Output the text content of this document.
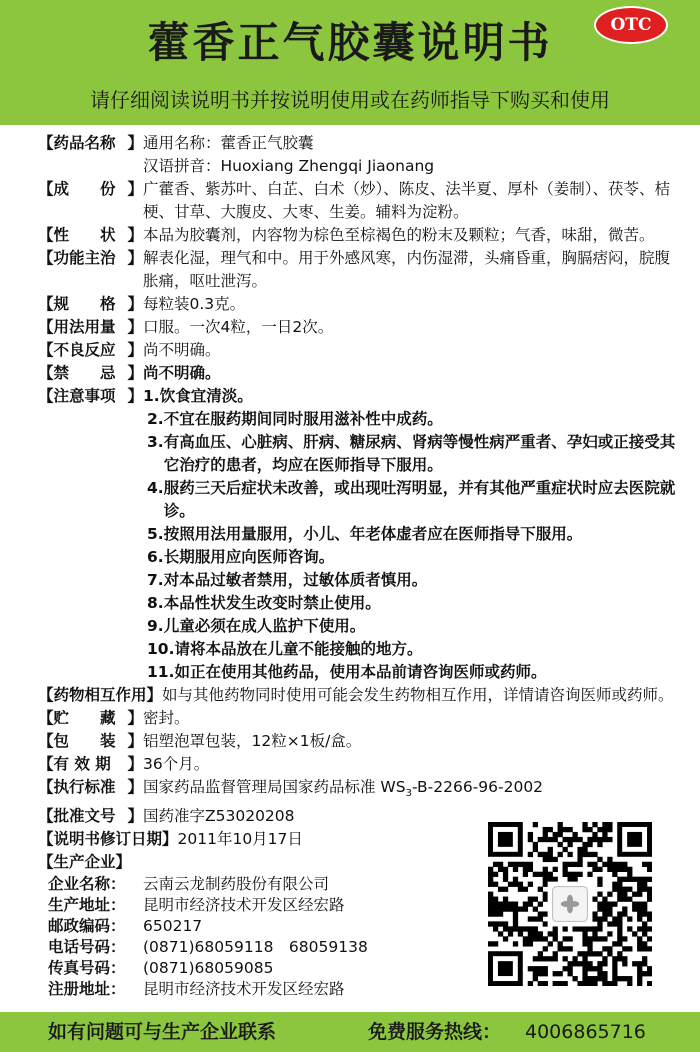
藿香正气胶囊说明书	OTC
请仔细阅读说明书并按说明使用或在药师指导下购买和使用
【 药品名称 】 通用名称：藿香正气胶囊
汉语拼音：Huoxiang Zhengqi Jiaonang
【 成　　份 】 广藿香、紫苏叶、白芷、白术（炒）、陈皮、法半夏、厚朴（姜制）、茯苓、桔梗、甘草、大腹皮、大枣、生姜。辅料为淀粉。
【 性　　状 】 本品为胶囊剂，内容物为棕色至棕褐色的粉末及颗粒；气香，味甜，微苦。
【 功能主治 】 解表化湿，理气和中。用于外感风寒，内伤湿滞，头痛昏重，胸膈痞闷，脘腹胀痛，呕吐泄泻。
【 规　　格 】 每粒装0.3克。
【 用法用量 】 口服。一次4粒，一日2次。
【 不良反应 】 尚不明确。
【 禁　　忌 】 尚不明确。
【 注意事项 】 1. 饮食宜清淡。
2. 不宜在服药期间同时服用滋补性中成药。
3. 有高血压、心脏病、肝病、糖尿病、肾病等慢性病严重者、孕妇或正接受其它治疗的患者，均应在医师指导下服用。
4. 服药三天后症状未改善，或出现吐泻明显，并有其他严重症状时应去医院就诊。
5. 按照用法用量服用，小儿、年老体虚者应在医师指导下服用。
6. 长期服用应向医师咨询。
7. 对本品过敏者禁用，过敏体质者慎用。
8. 本品性状发生改变时禁止使用。
9. 儿童必须在成人监护下使用。
10. 请将本品放在儿童不能接触的地方。
11. 如正在使用其他药品，使用本品前请咨询医师或药师。
【药物相互作用】如与其他药物同时使用可能会发生药物相互作用，详情请咨询医师或药师。
【 贮　　藏 】 密封。
【 包　　装 】 铝塑泡罩包装，12粒×1板/盒。
【 有 效 期	】 36个月。
【 执行标准 】 国家药品监督管理局国家药品标准 $WS_3-B-2266-96-2002$
【 批准文号 】 国药准字Z53020208
【说明书修订日期】2011年10月17日
【生产企业】
企业名称： 云南云龙制药股份有限公司
生产地址： 昆明市经济技术开发区经宏路
邮政编码： 650217
电话号码： (0871)68059118　68059138
传真号码： (0871)68059085
注册地址： 昆明市经济技术开发区经宏路
如有问题可与生产企业联系	免费服务热线： 4006865716
